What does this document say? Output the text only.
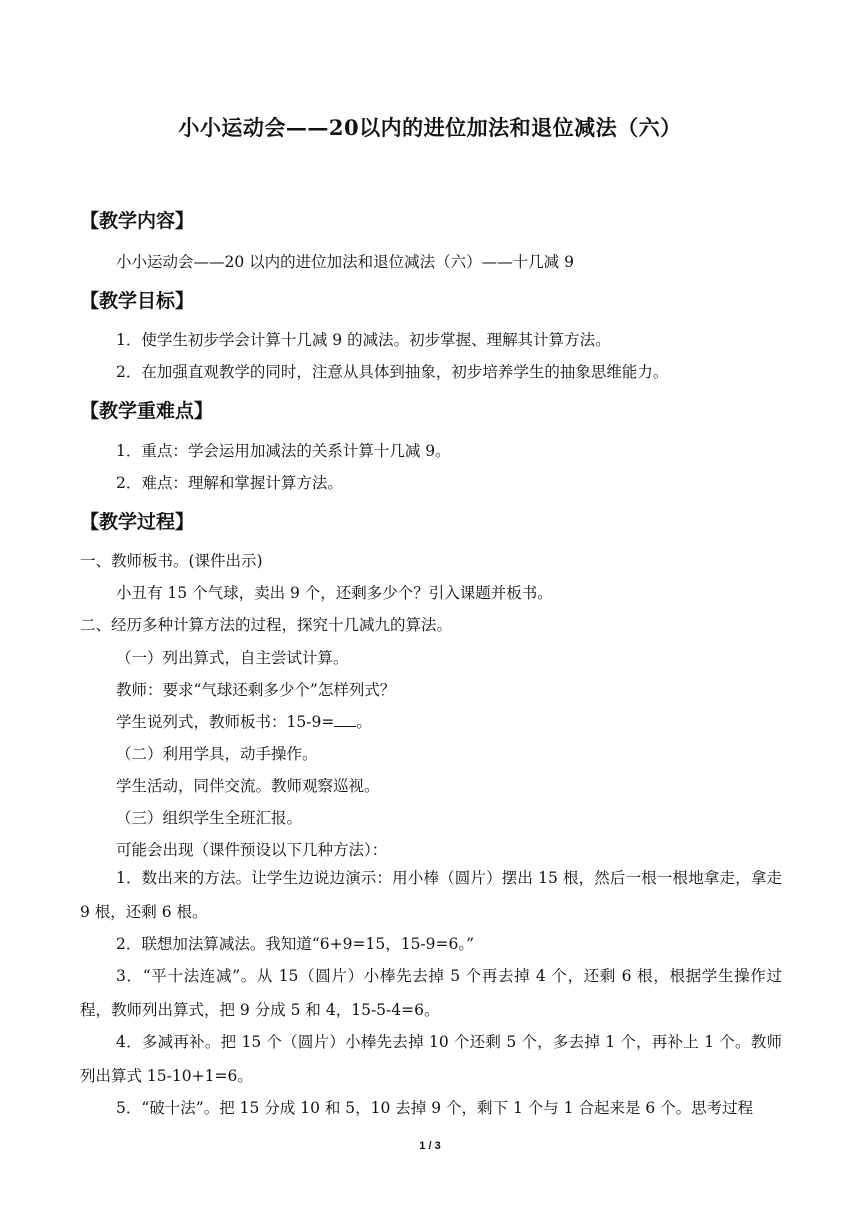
小小运动会——20以内的进位加法和退位减法（六）
【教学内容】
小小运动会——20 以内的进位加法和退位减法（六）——十几减 9
【教学目标】
1．使学生初步学会计算十几减 9 的减法。初步掌握、理解其计算方法。
2．在加强直观教学的同时，注意从具体到抽象，初步培养学生的抽象思维能力。
【教学重难点】
1．重点：学会运用加减法的关系计算十几减 9。
2．难点：理解和掌握计算方法。
【教学过程】
一、教师板书。(课件出示)
小丑有 15 个气球，卖出 9 个，还剩多少个？引入课题并板书。
二、经历多种计算方法的过程，探究十几减九的算法。
（一）列出算式，自主尝试计算。
教师：要求“气球还剩多少个”怎样列式？
学生说列式，教师板书：15-9= 。
（二）利用学具，动手操作。
学生活动，同伴交流。教师观察巡视。
（三）组织学生全班汇报。
可能会出现（课件预设以下几种方法）：
1．数出来的方法。让学生边说边演示：用小棒（圆片）摆出 15 根，然后一根一根地拿走，拿走 9 根，还剩 6 根。
2．联想加法算减法。我知道“6+9=15，15-9=6。”
3．“平十法连减”。从 15（圆片）小棒先去掉 5 个再去掉 4 个，还剩 6 根，根据学生操作过程，教师列出算式，把 9 分成 5 和 4，15-5-4=6。
4．多减再补。把 15 个（圆片）小棒先去掉 10 个还剩 5 个，多去掉 1 个，再补上 1 个。教师列出算式 15-10+1=6。
5．“破十法”。把 15 分成 10 和 5，10 去掉 9 个，剩下 1 个与 1 合起来是 6 个。思考过程
1 / 3
